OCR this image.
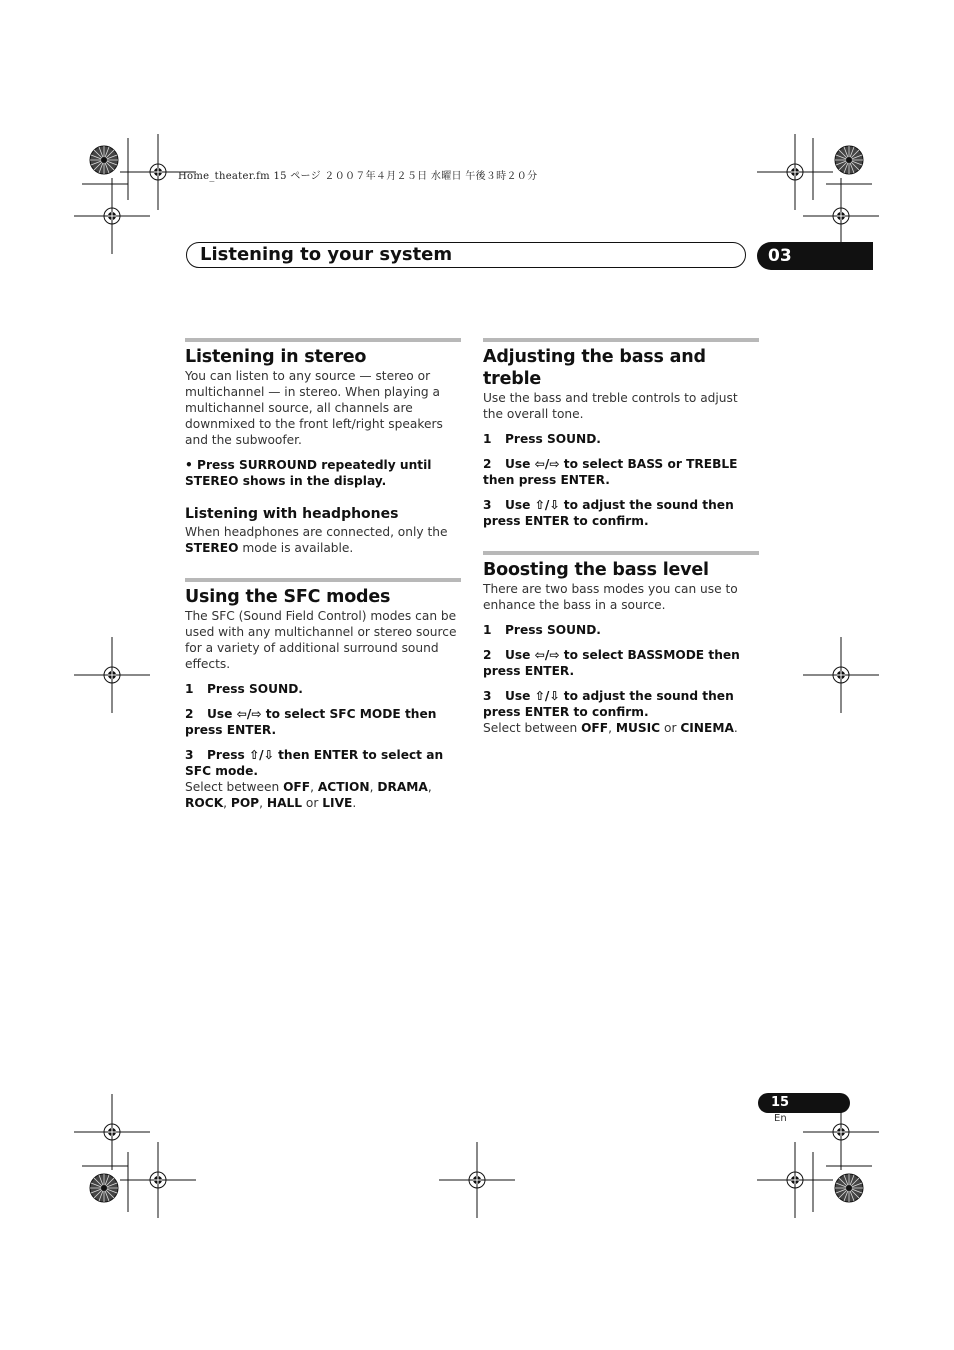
Home_theater.fm 15 ページ ２００７年４月２５日 水曜日 午後３時２０分
Listening to your system	03
Listening in stereo

You can listen to any source — stereo or multichannel — in stereo. When playing a multichannel source, all channels are downmixed to the front left/right speakers and the subwoofer.

• Press SURROUND repeatedly until STEREO shows in the display.

Listening with headphones

When headphones are connected, only the STEREO mode is available.

Using the SFC modes

The SFC (Sound Field Control) modes can be used with any multichannel or stereo source for a variety of additional surround sound effects.

1 Press SOUND.

2 Use ⇦/⇨ to select SFC MODE then press ENTER.

3 Press ⇧/⇩ then ENTER to select an SFC mode.

Select between OFF, ACTION, DRAMA, ROCK, POP, HALL or LIVE.

Adjusting the bass and treble

Use the bass and treble controls to adjust the overall tone.

1 Press SOUND.

2 Use ⇦/⇨ to select BASS or TREBLE then press ENTER.

3 Use ⇧/⇩ to adjust the sound then press ENTER to confirm.

Boosting the bass level

There are two bass modes you can use to enhance the bass in a source.

1 Press SOUND.

2 Use ⇦/⇨ to select BASSMODE then press ENTER.

3 Use ⇧/⇩ to adjust the sound then press ENTER to confirm.

Select between OFF, MUSIC or CINEMA.

15
En
